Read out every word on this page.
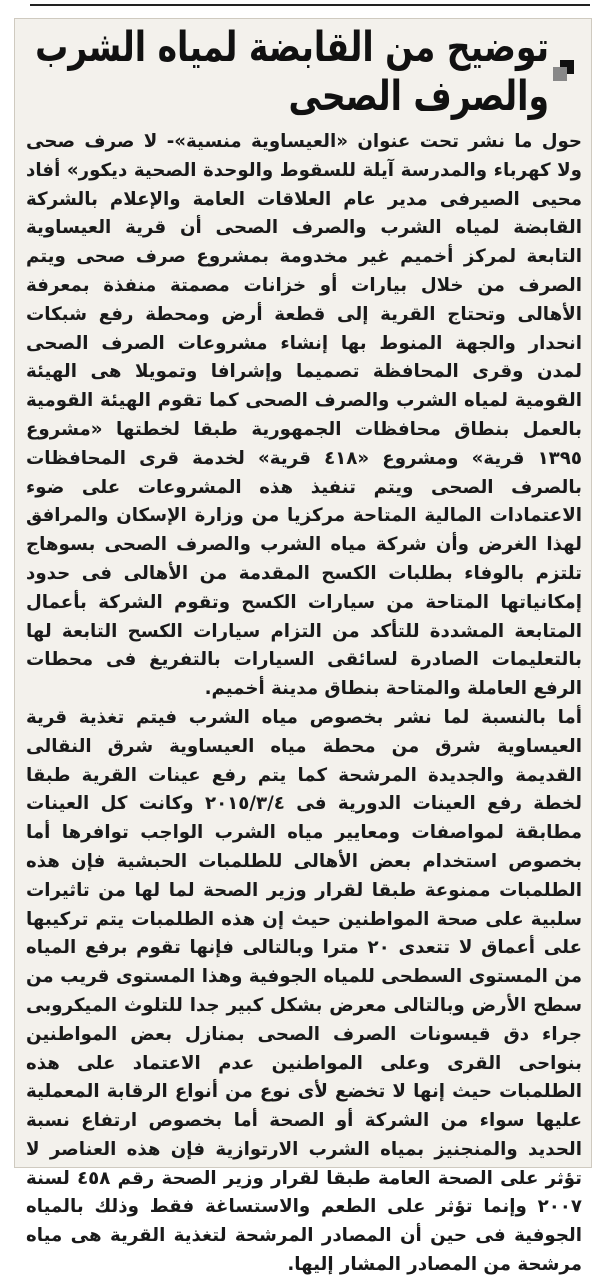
توضيح من القابضة لمياه الشرب والصرف الصحى

حول ما نشر تحت عنوان «العيساوية منسية»- لا صرف صحى ولا كهرباء والمدرسة آيلة للسقوط والوحدة الصحية ديكور» أفاد محيى الصيرفى مدير عام العلاقات العامة والإعلام بالشركة القابضة لمياه الشرب والصرف الصحى أن قرية العيساوية التابعة لمركز أخميم غير مخدومة بمشروع صرف صحى ويتم الصرف من خلال بيارات أو خزانات مصمتة منفذة بمعرفة الأهالى وتحتاج القرية إلى قطعة أرض ومحطة رفع شبكات انحدار والجهة المنوط بها إنشاء مشروعات الصرف الصحى لمدن وقرى المحافظة تصميما وإشرافا وتمويلا هى الهيئة القومية لمياه الشرب والصرف الصحى كما تقوم الهيئة القومية بالعمل بنطاق محافظات الجمهورية طبقا لخطتها «مشروع ١٣٩٥ قرية» ومشروع «٤١٨ قرية» لخدمة قرى المحافظات بالصرف الصحى ويتم تنفيذ هذه المشروعات على ضوء الاعتمادات المالية المتاحة مركزيا من وزارة الإسكان والمرافق لهذا الغرض وأن شركة مياه الشرب والصرف الصحى بسوهاج تلتزم بالوفاء بطلبات الكسح المقدمة من الأهالى فى حدود إمكانياتها المتاحة من سيارات الكسح وتقوم الشركة بأعمال المتابعة المشددة للتأكد من التزام سيارات الكسح التابعة لها بالتعليمات الصادرة لسائقى السيارات بالتفريغ فى محطات الرفع العاملة والمتاحة بنطاق مدينة أخميم.

أما بالنسبة لما نشر بخصوص مياه الشرب فيتم تغذية قرية العيساوية شرق من محطة مياه العيساوية شرق النقالى القديمة والجديدة المرشحة كما يتم رفع عينات القرية طبقا لخطة رفع العينات الدورية فى ٢٠١٥/٣/٤ وكانت كل العينات مطابقة لمواصفات ومعايير مياه الشرب الواجب توافرها أما بخصوص استخدام بعض الأهالى للطلمبات الحبشية فإن هذه الطلمبات ممنوعة طبقا لقرار وزير الصحة لما لها من تاثيرات سلبية على صحة المواطنين حيث إن هذه الطلمبات يتم تركيبها على أعماق لا تتعدى ٢٠ مترا وبالتالى فإنها تقوم برفع المياه من المستوى السطحى للمياه الجوفية وهذا المستوى قريب من سطح الأرض وبالتالى معرض بشكل كبير جدا للتلوث الميكروبى جراء دق قيسونات الصرف الصحى بمنازل بعض المواطنين بنواحى القرى وعلى المواطنين عدم الاعتماد على هذه الطلمبات حيث إنها لا تخضع لأى نوع من أنواع الرقابة المعملية عليها سواء من الشركة أو الصحة أما بخصوص ارتفاع نسبة الحديد والمنجنيز بمياه الشرب الارتوازية فإن هذه العناصر لا تؤثر على الصحة العامة طبقا لقرار وزير الصحة رقم ٤٥٨ لسنة ٢٠٠٧ وإنما تؤثر على الطعم والاستساغة فقط وذلك بالمياه الجوفية فى حين أن المصادر المرشحة لتغذية القرية هى مياه مرشحة من المصادر المشار إليها.
